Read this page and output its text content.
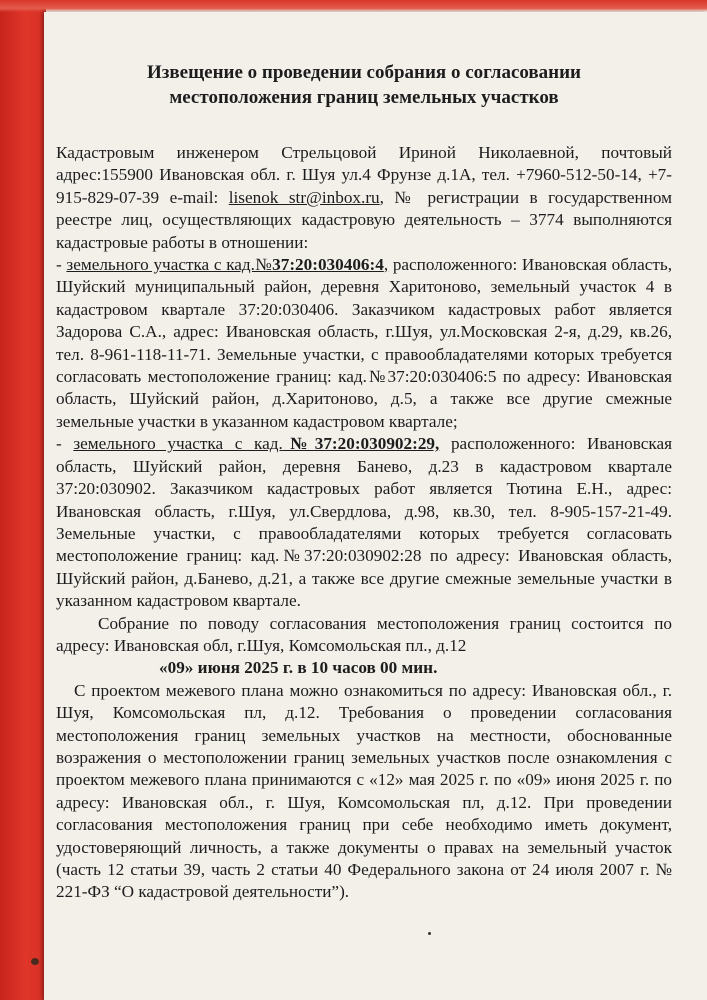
Извещение о проведении собрания о согласовании
местоположения границ земельных участков

Кадастровым инженером Стрельцовой Ириной Николаевной, почтовый адрес:155900 Ивановская обл. г. Шуя ул.4 Фрунзе д.1А, тел. +7960-512-50-14, +7-915-829-07-39 e-mail: lisenok str@inbox.ru, № регистрации в государственном реестре лиц, осуществляющих кадастровую деятельность – 3774 выполняются кадастровые работы в отношении:

- земельного участка с кад.№37:20:030406:4, расположенного: Ивановская область, Шуйский муниципальный район, деревня Харитоново, земельный участок 4 в кадастровом квартале 37:20:030406. Заказчиком кадастровых работ является Задорова С.А., адрес: Ивановская область, г.Шуя, ул.Московская 2-я, д.29, кв.26, тел. 8-961-118-11-71. Земельные участки, с правообладателями которых требуется согласовать местоположение границ: кад.№37:20:030406:5 по адресу: Ивановская область, Шуйский район, д.Харитоново, д.5, а также все другие смежные земельные участки в указанном кадастровом квартале;

- земельного участка с кад.№37:20:030902:29, расположенного: Ивановская область, Шуйский район, деревня Банево, д.23 в кадастровом квартале 37:20:030902. Заказчиком кадастровых работ является Тютина Е.Н., адрес: Ивановская область, г.Шуя, ул.Свердлова, д.98, кв.30, тел. 8-905-157-21-49. Земельные участки, с правообладателями которых требуется согласовать местоположение границ: кад.№37:20:030902:28 по адресу: Ивановская область, Шуйский район, д.Банево, д.21, а также все другие смежные земельные участки в указанном кадастровом квартале.

Собрание по поводу согласования местоположения границ состоится по адресу: Ивановская обл, г.Шуя, Комсомольская пл., д.12

«09» июня 2025 г. в 10 часов 00 мин.

С проектом межевого плана можно ознакомиться по адресу: Ивановская обл., г. Шуя, Комсомольская пл, д.12. Требования о проведении согласования местоположения границ земельных участков на местности, обоснованные возражения о местоположении границ земельных участков после ознакомления с проектом межевого плана принимаются с «12» мая 2025 г. по «09» июня 2025 г. по адресу: Ивановская обл., г. Шуя, Комсомольская пл, д.12. При проведении согласования местоположения границ при себе необходимо иметь документ, удостоверяющий личность, а также документы о правах на земельный участок (часть 12 статьи 39, часть 2 статьи 40 Федерального закона от 24 июля 2007 г. № 221-ФЗ “О кадастровой деятельности”).
